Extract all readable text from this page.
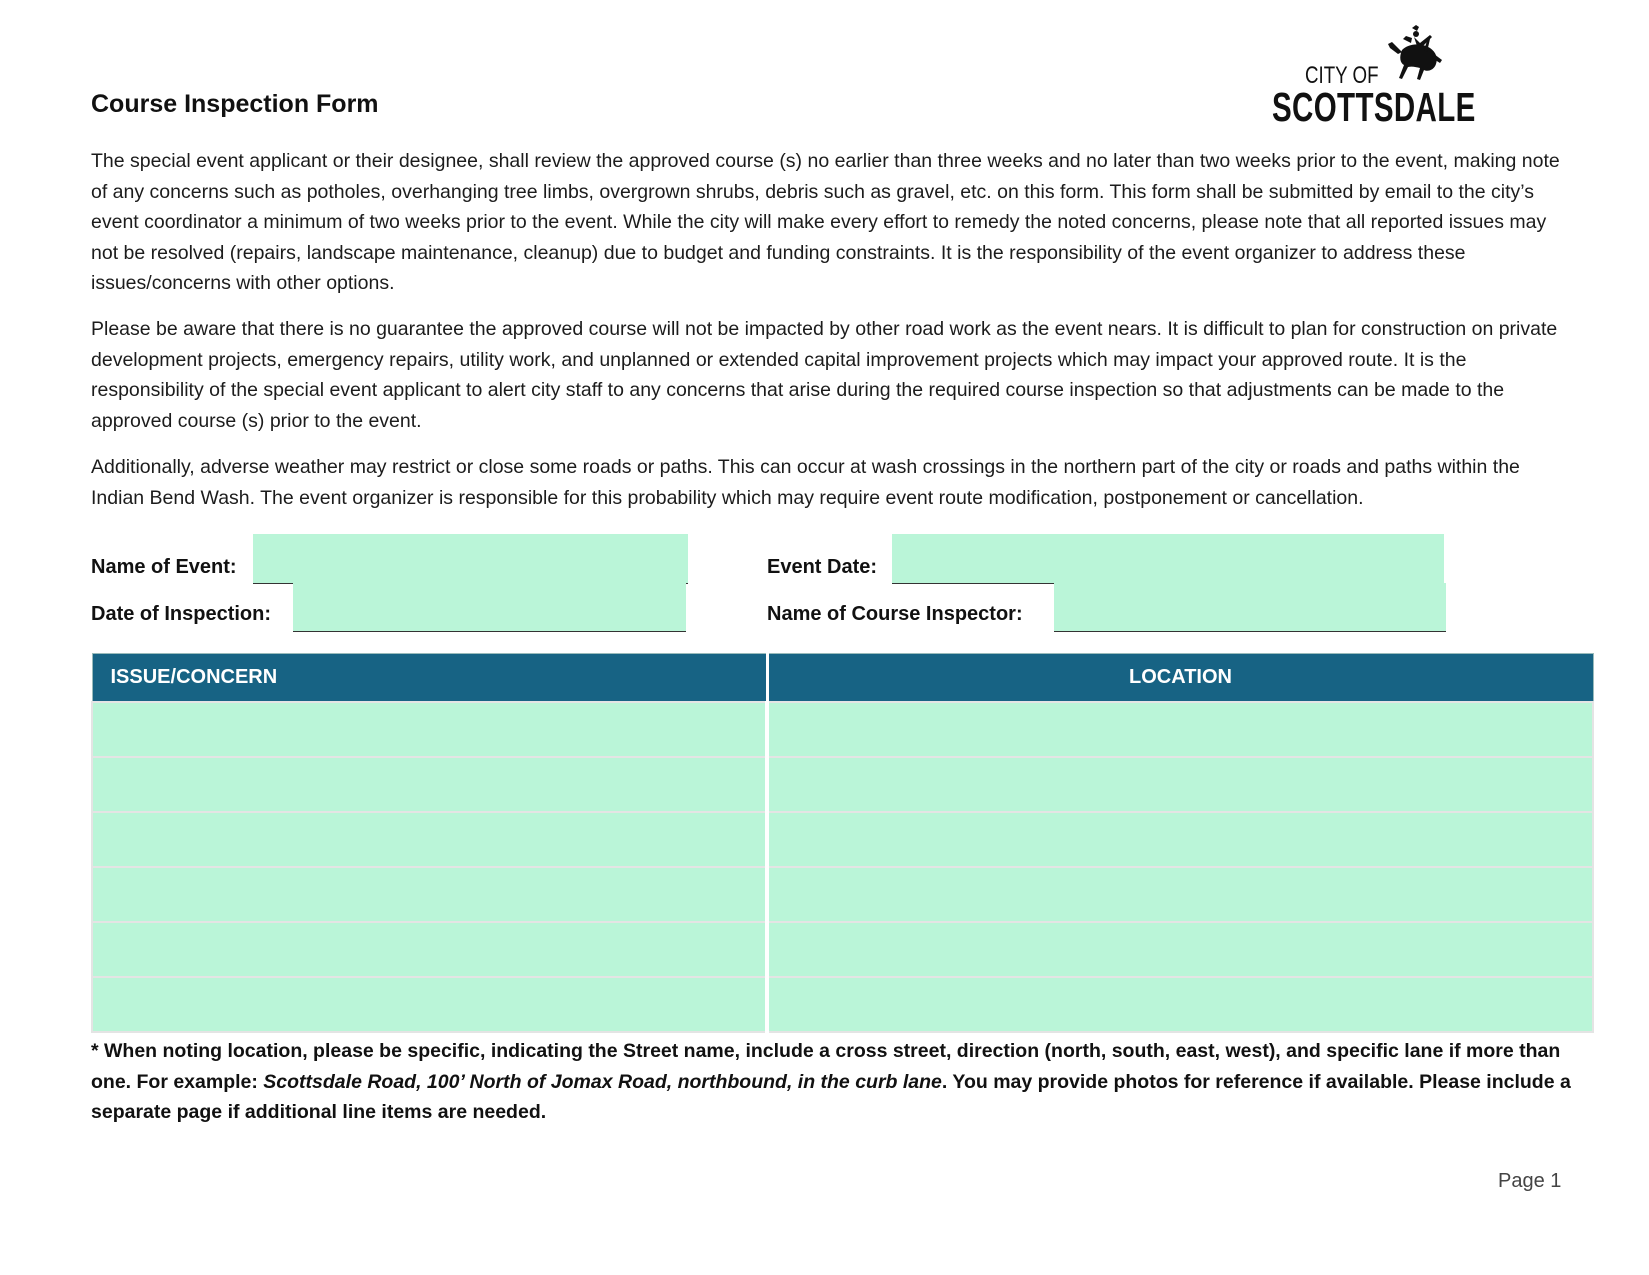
Course Inspection Form
CITY OF
SCOTTSDALE
The special event applicant or their designee, shall review the approved course (s) no earlier than three weeks and no later than two weeks prior to the event, making note of any concerns such as potholes, overhanging tree limbs, overgrown shrubs, debris such as gravel, etc. on this form. This form shall be submitted by email to the city’s event coordinator a minimum of two weeks prior to the event. While the city will make every effort to remedy the noted concerns, please note that all reported issues may not be resolved (repairs, landscape maintenance, cleanup) due to budget and funding constraints. It is the responsibility of the event organizer to address these issues/concerns with other options.
Please be aware that there is no guarantee the approved course will not be impacted by other road work as the event nears. It is difficult to plan for construction on private development projects, emergency repairs, utility work, and unplanned or extended capital improvement projects which may impact your approved route. It is the responsibility of the special event applicant to alert city staff to any concerns that arise during the required course inspection so that adjustments can be made to the approved course (s) prior to the event.
Additionally, adverse weather may restrict or close some roads or paths. This can occur at wash crossings in the northern part of the city or roads and paths within the Indian Bend Wash. The event organizer is responsible for this probability which may require event route modification, postponement or cancellation.
Name of Event:	Event Date:
Date of Inspection:	Name of Course Inspector:
ISSUE/CONCERN	LOCATION

* When noting location, please be specific, indicating the Street name, include a cross street, direction (north, south, east, west), and specific lane if more than one. For example: Scottsdale Road, 100’ North of Jomax Road, northbound, in the curb lane. You may provide photos for reference if available. Please include a separate page if additional line items are needed.
Page 1
